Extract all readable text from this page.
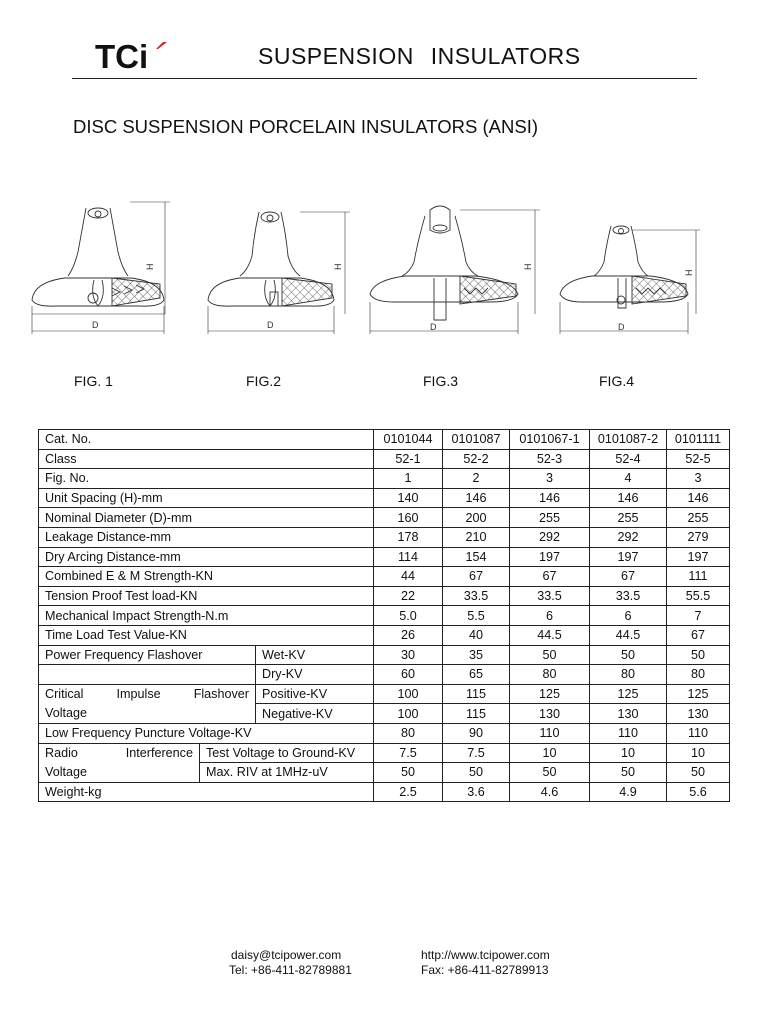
TCi	SUSPENSION INSULATORS
DISC SUSPENSION PORCELAIN INSULATORS (ANSI)
H
D
H
D
H
D
H
D
FIG. 1	FIG.2	FIG.3	FIG.4
Cat. No.			0101044	0101087	0101067-1	0101087-2	0101111
Class			52-1	52-2	52-3	52-4	52-5
Fig. No.			1	2	3	4	3
Unit Spacing (H)-mm			140	146	146	146	146
Nominal Diameter (D)-mm			160	200	255	255	255
Leakage Distance-mm			178	210	292	292	279
Dry Arcing Distance-mm			114	154	197	197	197
Combined E & M Strength-KN			44	67	67	67	111
Tension Proof Test load-KN			22	33.5	33.5	33.5	55.5
Mechanical Impact Strength-N.m			5.0	5.5	6	6	7
Time Load Test Value-KN			26	40	44.5	44.5	67
Power Frequency Flashover		Wet-KV	30	35	50	50	50
		Dry-KV	60	65	80	80	80

Critical Impulse Flashover		Positive-KV	100	115	125	125	125
Voltage		Negative-KV	100	115	130	130	130
Low Frequency Puncture Voltage-KV			80	90	110	110	110

Radio Interference	Test Voltage to Ground-KV		7.5	7.5	10	10	10
Voltage	Max. RIV at 1MHz-uV		50	50	50	50	50
Weight-kg			2.5	3.6	4.6	4.9	5.6
daisy@tcipower.com
Tel: +86-411-82789881
http://www.tcipower.com
Fax: +86-411-82789913
